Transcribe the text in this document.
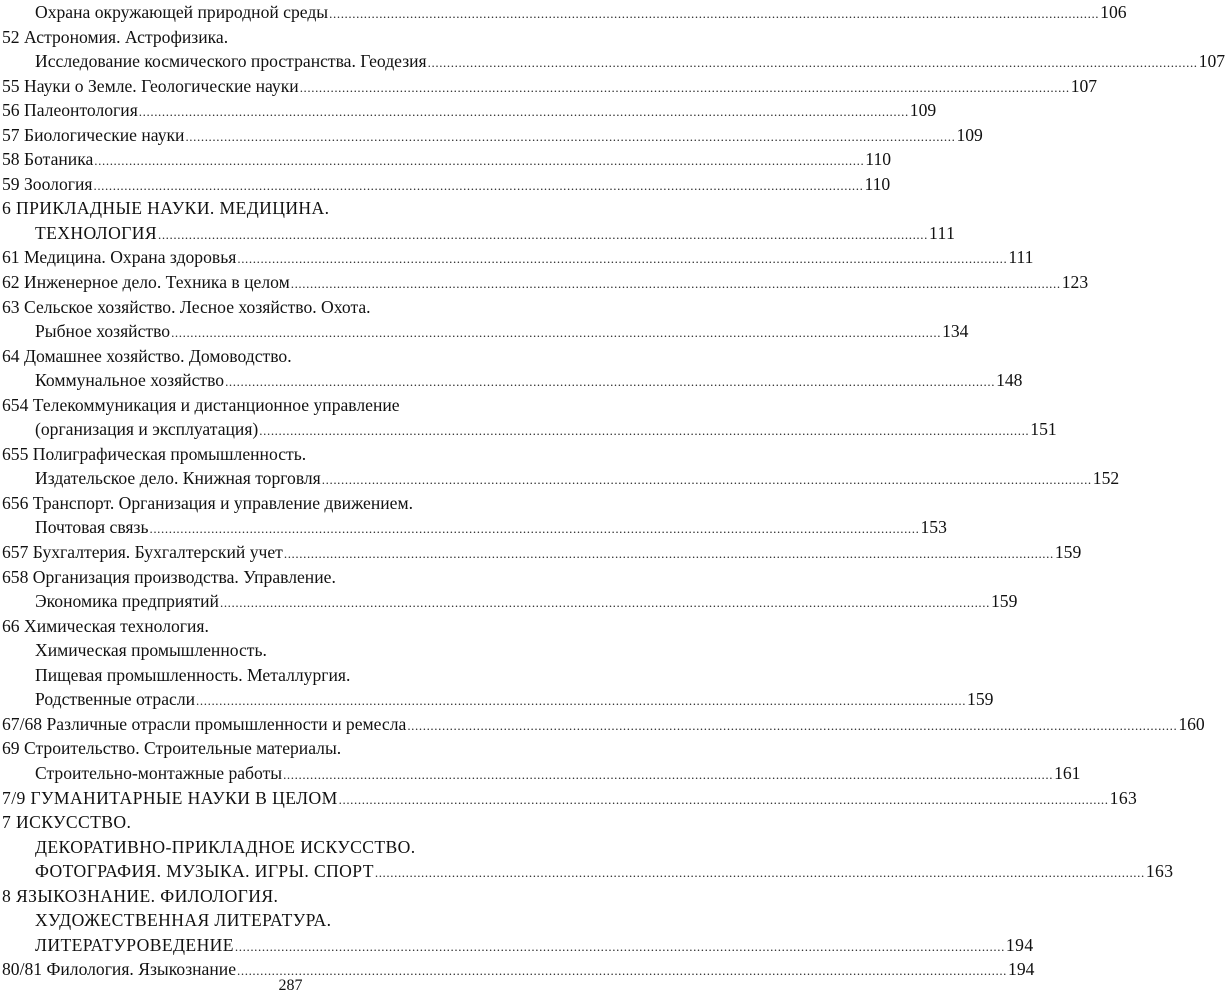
Охрана окружающей природной среды ........................................................................................................................................................................................................ 106
52 Астрономия. Астрофизика.
Исследование космического пространства. Геодезия ........................................................................................................................................................................................................ 107
55 Науки о Земле. Геологические науки ........................................................................................................................................................................................................ 107
56 Палеонтология ........................................................................................................................................................................................................ 109
57 Биологические науки ........................................................................................................................................................................................................ 109
58 Ботаника ........................................................................................................................................................................................................ 110
59 Зоология ........................................................................................................................................................................................................ 110
6 ПРИКЛАДНЫЕ НАУКИ. МЕДИЦИНА.
ТЕХНОЛОГИЯ ........................................................................................................................................................................................................ 111
61 Медицина. Охрана здоровья ........................................................................................................................................................................................................ 111
62 Инженерное дело. Техника в целом ........................................................................................................................................................................................................ 123
63 Сельское хозяйство. Лесное хозяйство. Охота.
Рыбное хозяйство ........................................................................................................................................................................................................ 134
64 Домашнее хозяйство. Домоводство.
Коммунальное хозяйство ........................................................................................................................................................................................................ 148
654 Телекоммуникация и дистанционное управление
(организация и эксплуатация) ........................................................................................................................................................................................................ 151
655 Полиграфическая промышленность.
Издательское дело. Книжная торговля ........................................................................................................................................................................................................ 152
656 Транспорт. Организация и управление движением.
Почтовая связь ........................................................................................................................................................................................................ 153
657 Бухгалтерия. Бухгалтерский учет ........................................................................................................................................................................................................ 159
658 Организация производства. Управление.
Экономика предприятий ........................................................................................................................................................................................................ 159
66 Химическая технология.
Химическая промышленность.
Пищевая промышленность. Металлургия.
Родственные отрасли ........................................................................................................................................................................................................ 159
67/68 Различные отрасли промышленности и ремесла ........................................................................................................................................................................................................ 160
69 Строительство. Строительные материалы.
Строительно-монтажные работы ........................................................................................................................................................................................................ 161
7/9 ГУМАНИТАРНЫЕ НАУКИ В ЦЕЛОМ ........................................................................................................................................................................................................ 163
7 ИСКУССТВО.
ДЕКОРАТИВНО-ПРИКЛАДНОЕ ИСКУССТВО.
ФОТОГРАФИЯ. МУЗЫКА. ИГРЫ. СПОРТ ........................................................................................................................................................................................................ 163
8 ЯЗЫКОЗНАНИЕ. ФИЛОЛОГИЯ.
ХУДОЖЕСТВЕННАЯ ЛИТЕРАТУРА.
ЛИТЕРАТУРОВЕДЕНИЕ ........................................................................................................................................................................................................ 194
80/81 Филология. Языкознание ........................................................................................................................................................................................................ 194
287
